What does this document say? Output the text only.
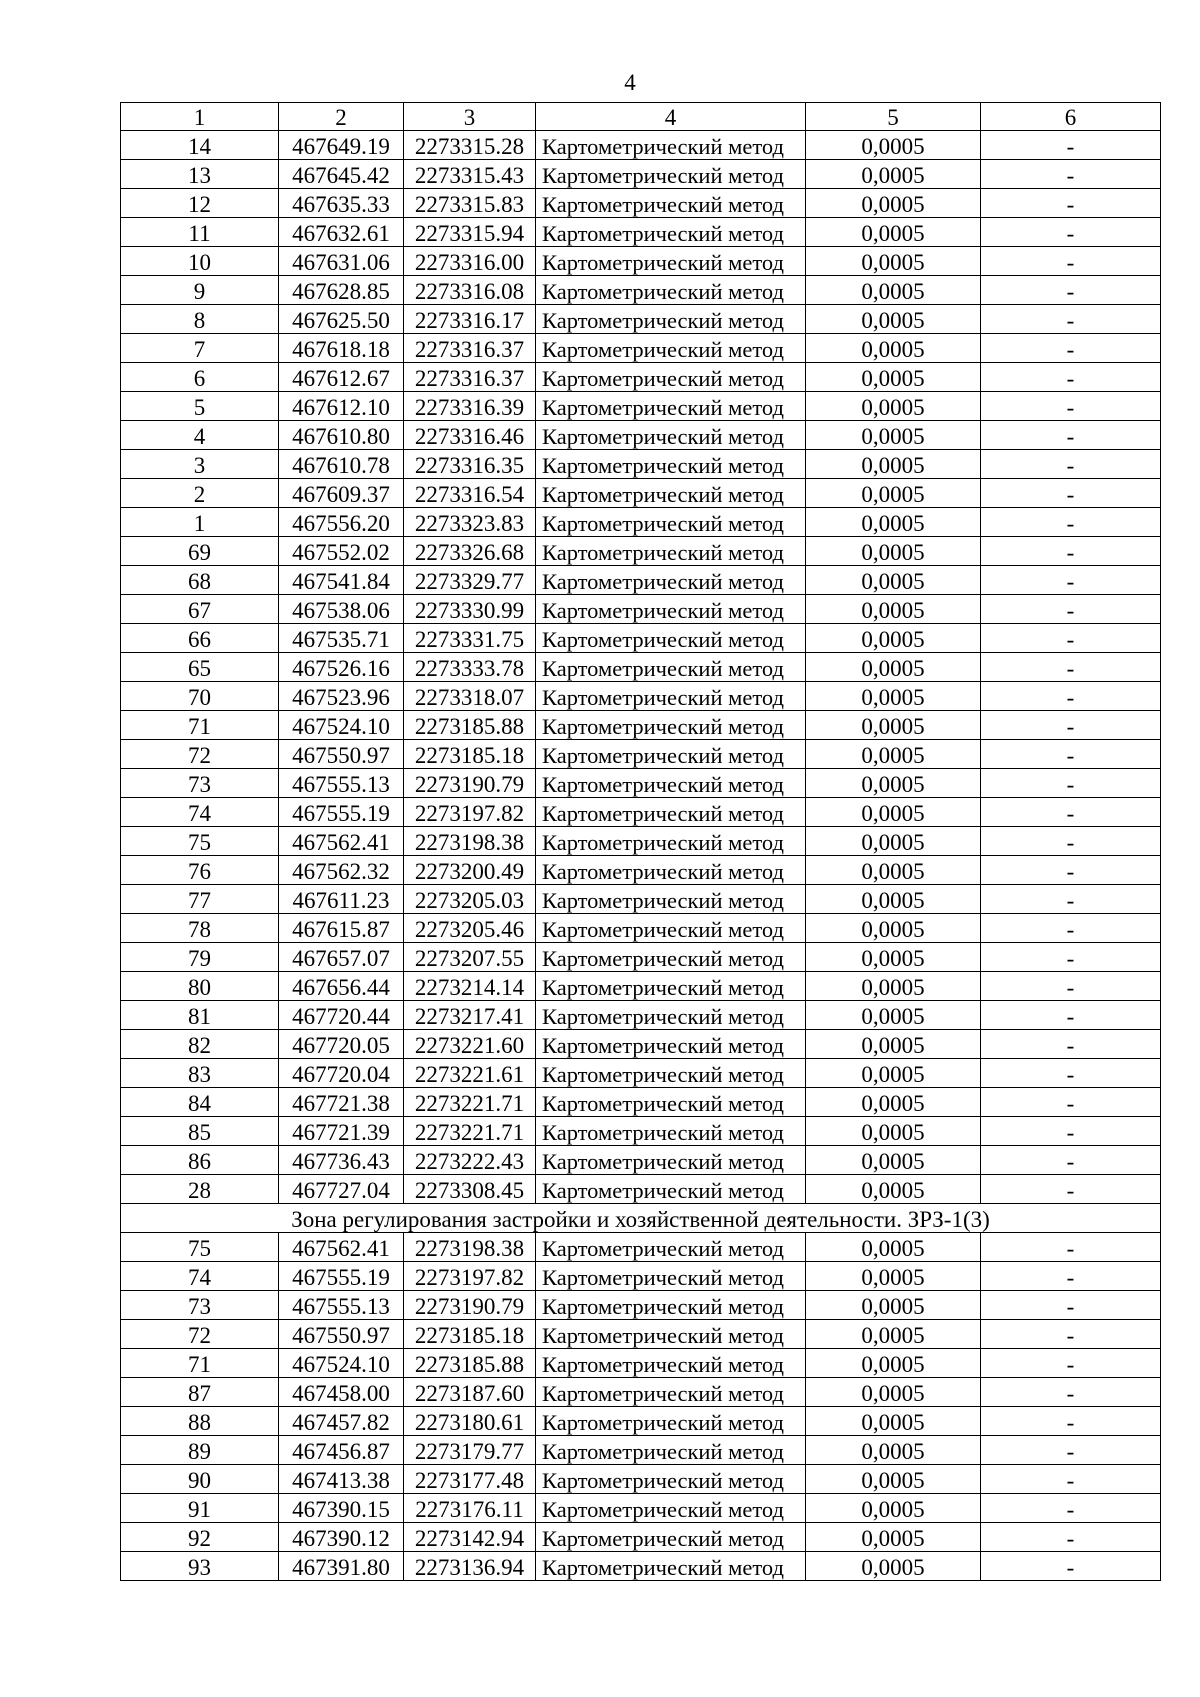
4
1	2	3	4	5	6
14	467649.19	2273315.28	Картометрический метод	0,0005	-
13	467645.42	2273315.43	Картометрический метод	0,0005	-
12	467635.33	2273315.83	Картометрический метод	0,0005	-
11	467632.61	2273315.94	Картометрический метод	0,0005	-
10	467631.06	2273316.00	Картометрический метод	0,0005	-
9	467628.85	2273316.08	Картометрический метод	0,0005	-
8	467625.50	2273316.17	Картометрический метод	0,0005	-
7	467618.18	2273316.37	Картометрический метод	0,0005	-
6	467612.67	2273316.37	Картометрический метод	0,0005	-
5	467612.10	2273316.39	Картометрический метод	0,0005	-
4	467610.80	2273316.46	Картометрический метод	0,0005	-
3	467610.78	2273316.35	Картометрический метод	0,0005	-
2	467609.37	2273316.54	Картометрический метод	0,0005	-
1	467556.20	2273323.83	Картометрический метод	0,0005	-
69	467552.02	2273326.68	Картометрический метод	0,0005	-
68	467541.84	2273329.77	Картометрический метод	0,0005	-
67	467538.06	2273330.99	Картометрический метод	0,0005	-
66	467535.71	2273331.75	Картометрический метод	0,0005	-
65	467526.16	2273333.78	Картометрический метод	0,0005	-
70	467523.96	2273318.07	Картометрический метод	0,0005	-
71	467524.10	2273185.88	Картометрический метод	0,0005	-
72	467550.97	2273185.18	Картометрический метод	0,0005	-
73	467555.13	2273190.79	Картометрический метод	0,0005	-
74	467555.19	2273197.82	Картометрический метод	0,0005	-
75	467562.41	2273198.38	Картометрический метод	0,0005	-
76	467562.32	2273200.49	Картометрический метод	0,0005	-
77	467611.23	2273205.03	Картометрический метод	0,0005	-
78	467615.87	2273205.46	Картометрический метод	0,0005	-
79	467657.07	2273207.55	Картометрический метод	0,0005	-
80	467656.44	2273214.14	Картометрический метод	0,0005	-
81	467720.44	2273217.41	Картометрический метод	0,0005	-
82	467720.05	2273221.60	Картометрический метод	0,0005	-
83	467720.04	2273221.61	Картометрический метод	0,0005	-
84	467721.38	2273221.71	Картометрический метод	0,0005	-
85	467721.39	2273221.71	Картометрический метод	0,0005	-
86	467736.43	2273222.43	Картометрический метод	0,0005	-
28	467727.04	2273308.45	Картометрический метод	0,0005	-
Зона регулирования застройки и хозяйственной деятельности. ЗРЗ-1(3)					
75	467562.41	2273198.38	Картометрический метод	0,0005	-
74	467555.19	2273197.82	Картометрический метод	0,0005	-
73	467555.13	2273190.79	Картометрический метод	0,0005	-
72	467550.97	2273185.18	Картометрический метод	0,0005	-
71	467524.10	2273185.88	Картометрический метод	0,0005	-
87	467458.00	2273187.60	Картометрический метод	0,0005	-
88	467457.82	2273180.61	Картометрический метод	0,0005	-
89	467456.87	2273179.77	Картометрический метод	0,0005	-
90	467413.38	2273177.48	Картометрический метод	0,0005	-
91	467390.15	2273176.11	Картометрический метод	0,0005	-
92	467390.12	2273142.94	Картометрический метод	0,0005	-
93	467391.80	2273136.94	Картометрический метод	0,0005	-
